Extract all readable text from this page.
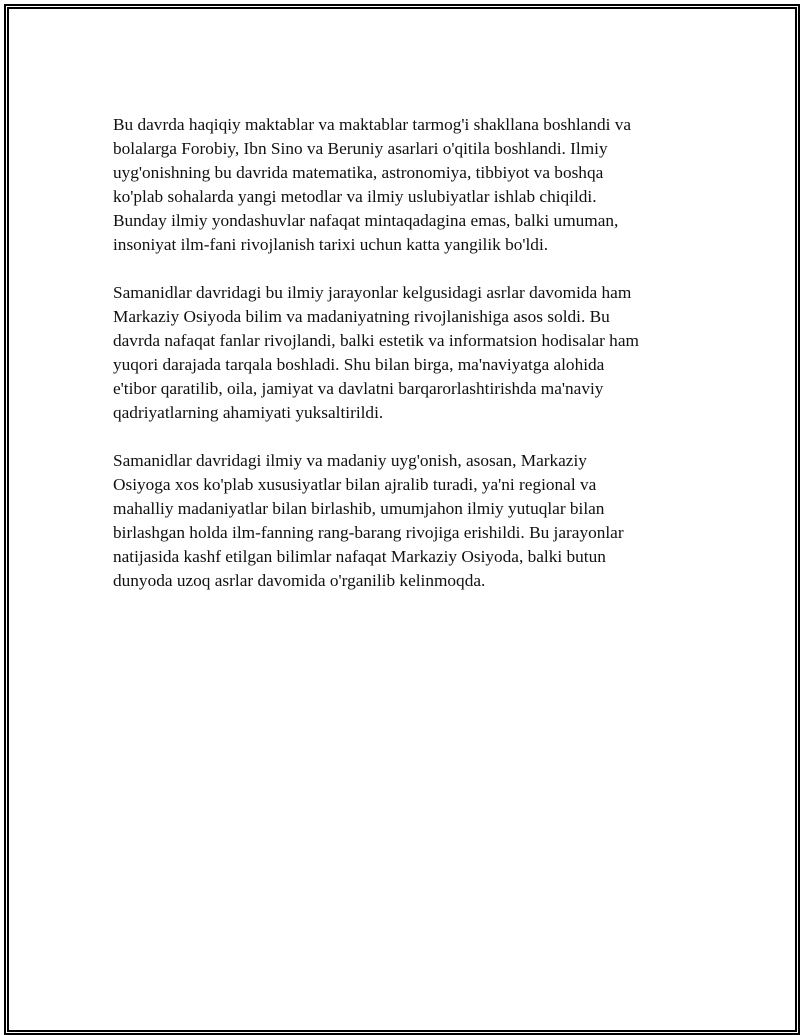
Bu davrda haqiqiy maktablar va maktablar tarmog'i shakllana boshlandi va
bolalarga Forobiy, Ibn Sino va Beruniy asarlari o'qitila boshlandi. Ilmiy
uyg'onishning bu davrida matematika, astronomiya, tibbiyot va boshqa
ko'plab sohalarda yangi metodlar va ilmiy uslubiyatlar ishlab chiqildi.
Bunday ilmiy yondashuvlar nafaqat mintaqadagina emas, balki umuman,
insoniyat ilm-fani rivojlanish tarixi uchun katta yangilik bo'ldi.

Samanidlar davridagi bu ilmiy jarayonlar kelgusidagi asrlar davomida ham
Markaziy Osiyoda bilim va madaniyatning rivojlanishiga asos soldi. Bu
davrda nafaqat fanlar rivojlandi, balki estetik va informatsion hodisalar ham
yuqori darajada tarqala boshladi. Shu bilan birga, ma'naviyatga alohida
e'tibor qaratilib, oila, jamiyat va davlatni barqarorlashtirishda ma'naviy
qadriyatlarning ahamiyati yuksaltirildi.

Samanidlar davridagi ilmiy va madaniy uyg'onish, asosan, Markaziy
Osiyoga xos ko'plab xususiyatlar bilan ajralib turadi, ya'ni regional va
mahalliy madaniyatlar bilan birlashib, umumjahon ilmiy yutuqlar bilan
birlashgan holda ilm-fanning rang-barang rivojiga erishildi. Bu jarayonlar
natijasida kashf etilgan bilimlar nafaqat Markaziy Osiyoda, balki butun
dunyoda uzoq asrlar davomida o'rganilib kelinmoqda.
